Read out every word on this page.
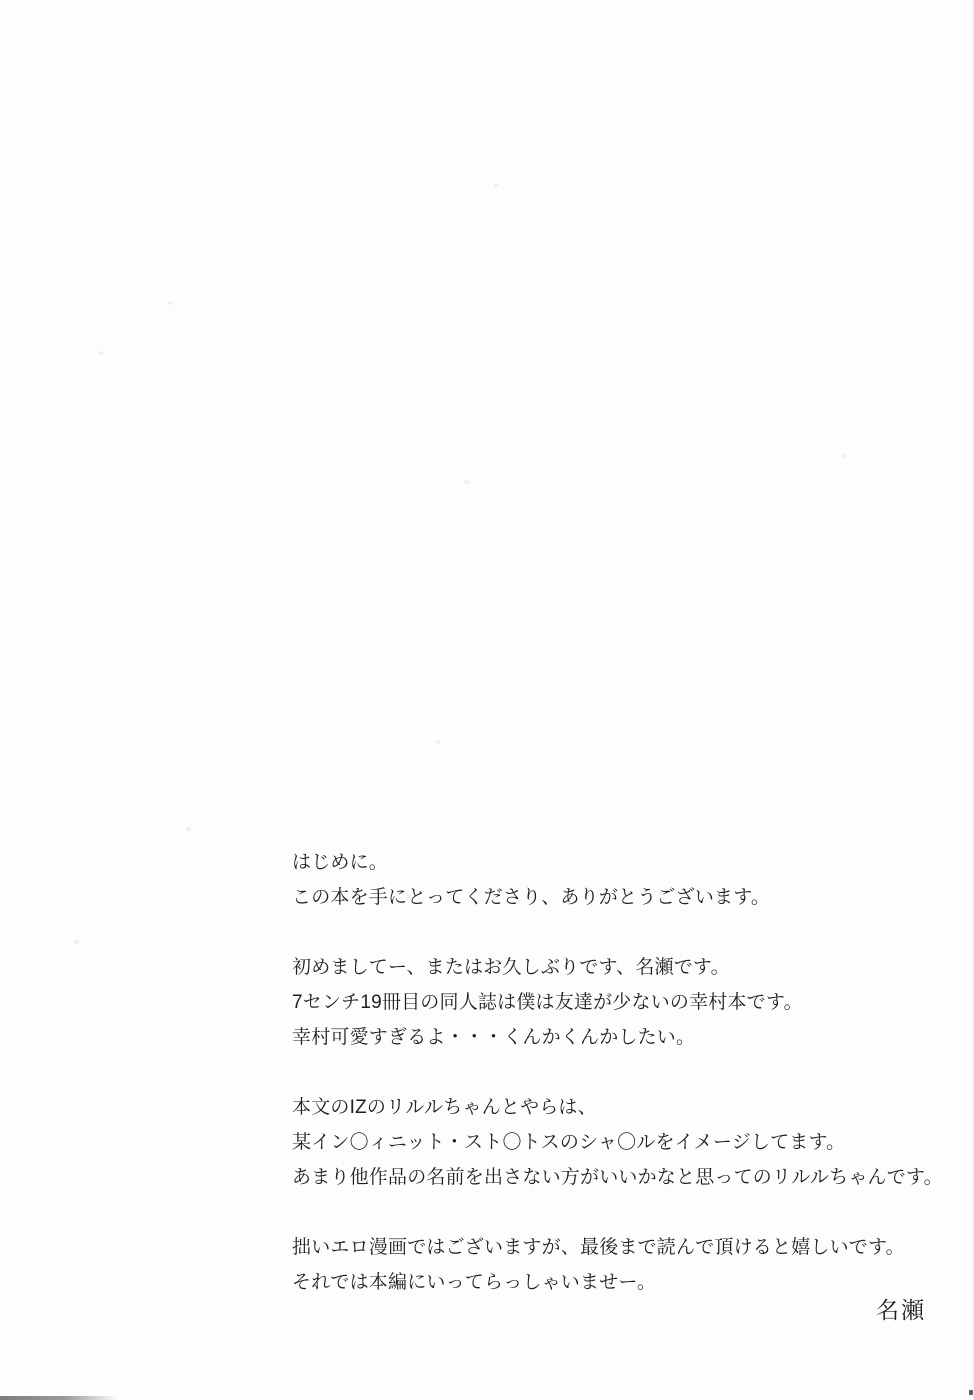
はじめに。
この本を手にとってくださり、ありがとうございます。

初めましてー、またはお久しぶりです、名瀬です。
7センチ19冊目の同人誌は僕は友達が少ないの幸村本です。
幸村可愛すぎるよ・・・くんかくんかしたい。

本文のIZのリルルちゃんとやらは、
某イン〇ィニット・スト〇トスのシャ〇ルをイメージしてます。
あまり他作品の名前を出さない方がいいかなと思ってのリルルちゃんです。

拙いエロ漫画ではございますが、最後まで読んで頂けると嬉しいです。
それでは本編にいってらっしゃいませー。

名瀬
